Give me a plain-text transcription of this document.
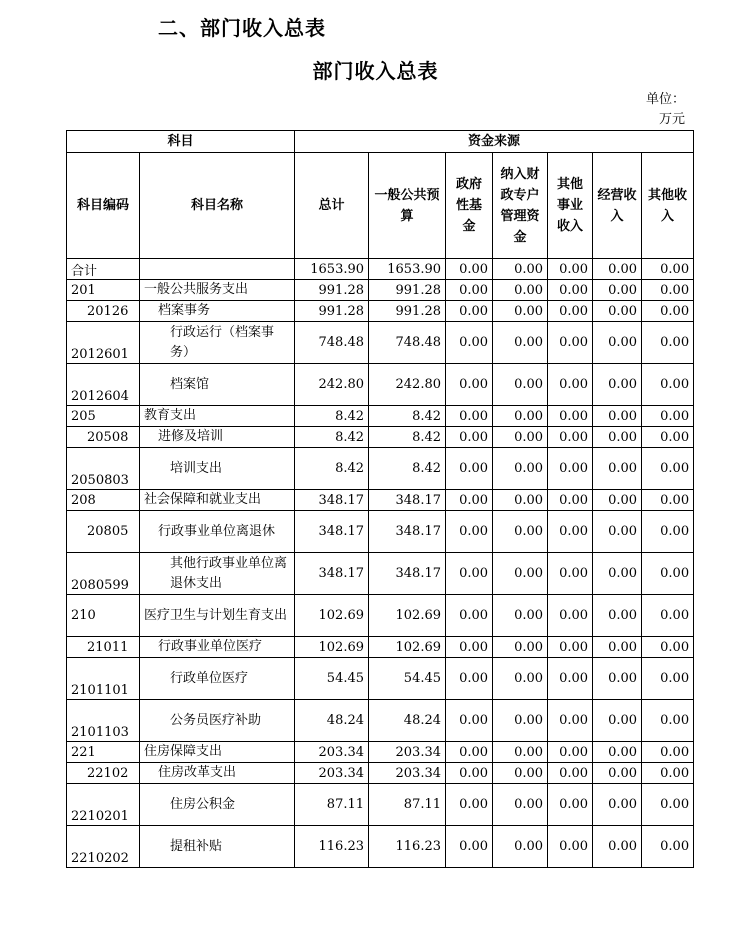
二、部门收入总表
部门收入总表
单位：
万元
科目		资金来源						
科目编码	科目名称	总计	一般公共预算	政府性基金	纳入财政专户管理资金	其他事业收入	经营收入	其他收入
合计		1653.90	1653.90	0.00	0.00	0.00	0.00	0.00
201	一般公共服务支出	991.28	991.28	0.00	0.00	0.00	0.00	0.00
20126	档案事务	991.28	991.28	0.00	0.00	0.00	0.00	0.00
2012601	行政运行（档案事务）	748.48	748.48	0.00	0.00	0.00	0.00	0.00
2012604	档案馆	242.80	242.80	0.00	0.00	0.00	0.00	0.00
205	教育支出	8.42	8.42	0.00	0.00	0.00	0.00	0.00
20508	进修及培训	8.42	8.42	0.00	0.00	0.00	0.00	0.00
2050803	培训支出	8.42	8.42	0.00	0.00	0.00	0.00	0.00
208	社会保障和就业支出	348.17	348.17	0.00	0.00	0.00	0.00	0.00
20805	行政事业单位离退休	348.17	348.17	0.00	0.00	0.00	0.00	0.00
2080599	其他行政事业单位离退休支出	348.17	348.17	0.00	0.00	0.00	0.00	0.00
210	医疗卫生与计划生育支出	102.69	102.69	0.00	0.00	0.00	0.00	0.00
21011	行政事业单位医疗	102.69	102.69	0.00	0.00	0.00	0.00	0.00
2101101	行政单位医疗	54.45	54.45	0.00	0.00	0.00	0.00	0.00
2101103	公务员医疗补助	48.24	48.24	0.00	0.00	0.00	0.00	0.00
221	住房保障支出	203.34	203.34	0.00	0.00	0.00	0.00	0.00
22102	住房改革支出	203.34	203.34	0.00	0.00	0.00	0.00	0.00
2210201	住房公积金	87.11	87.11	0.00	0.00	0.00	0.00	0.00
2210202	提租补贴	116.23	116.23	0.00	0.00	0.00	0.00	0.00
